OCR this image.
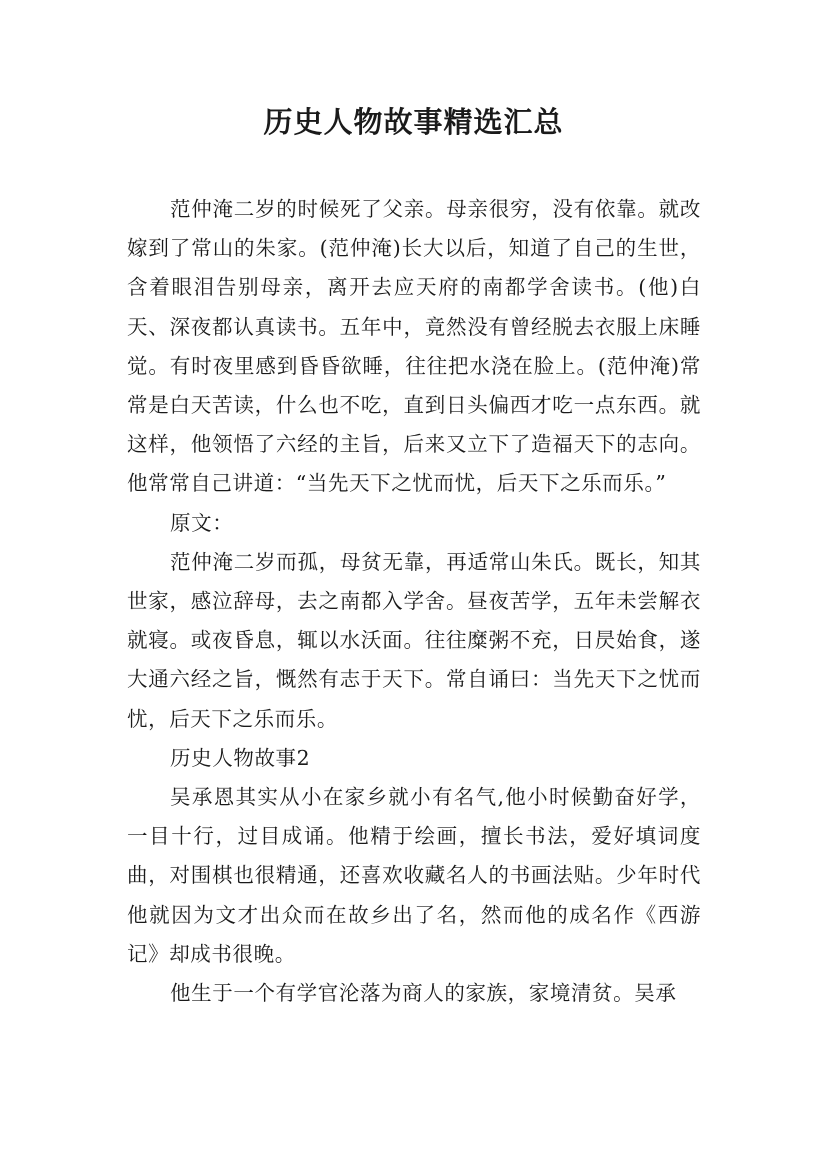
历史人物故事精选汇总

范仲淹二岁的时候死了父亲。母亲很穷，没有依靠。就改嫁到了常山的朱家。(范仲淹)长大以后，知道了自己的生世，含着眼泪告别母亲，离开去应天府的南都学舍读书。(他)白天、深夜都认真读书。五年中，竟然没有曾经脱去衣服上床睡觉。有时夜里感到昏昏欲睡，往往把水浇在脸上。(范仲淹)常常是白天苦读，什么也不吃，直到日头偏西才吃一点东西。就这样，他领悟了六经的主旨，后来又立下了造福天下的志向。他常常自己讲道：“当先天下之忧而忧，后天下之乐而乐。”

原文：

范仲淹二岁而孤，母贫无靠，再适常山朱氏。既长，知其世家，感泣辞母，去之南都入学舍。昼夜苦学，五年未尝解衣就寝。或夜昏息，辄以水沃面。往往糜粥不充，日昃始食，遂大通六经之旨，慨然有志于天下。常自诵曰：当先天下之忧而忧，后天下之乐而乐。

历史人物故事2

吴承恩其实从小在家乡就小有名气,他小时候勤奋好学，一目十行，过目成诵。他精于绘画，擅长书法，爱好填词度曲，对围棋也很精通，还喜欢收藏名人的书画法贴。少年时代他就因为文才出众而在故乡出了名，然而他的成名作《西游记》却成书很晚。

他生于一个有学官沦落为商人的家族，家境清贫。吴承
